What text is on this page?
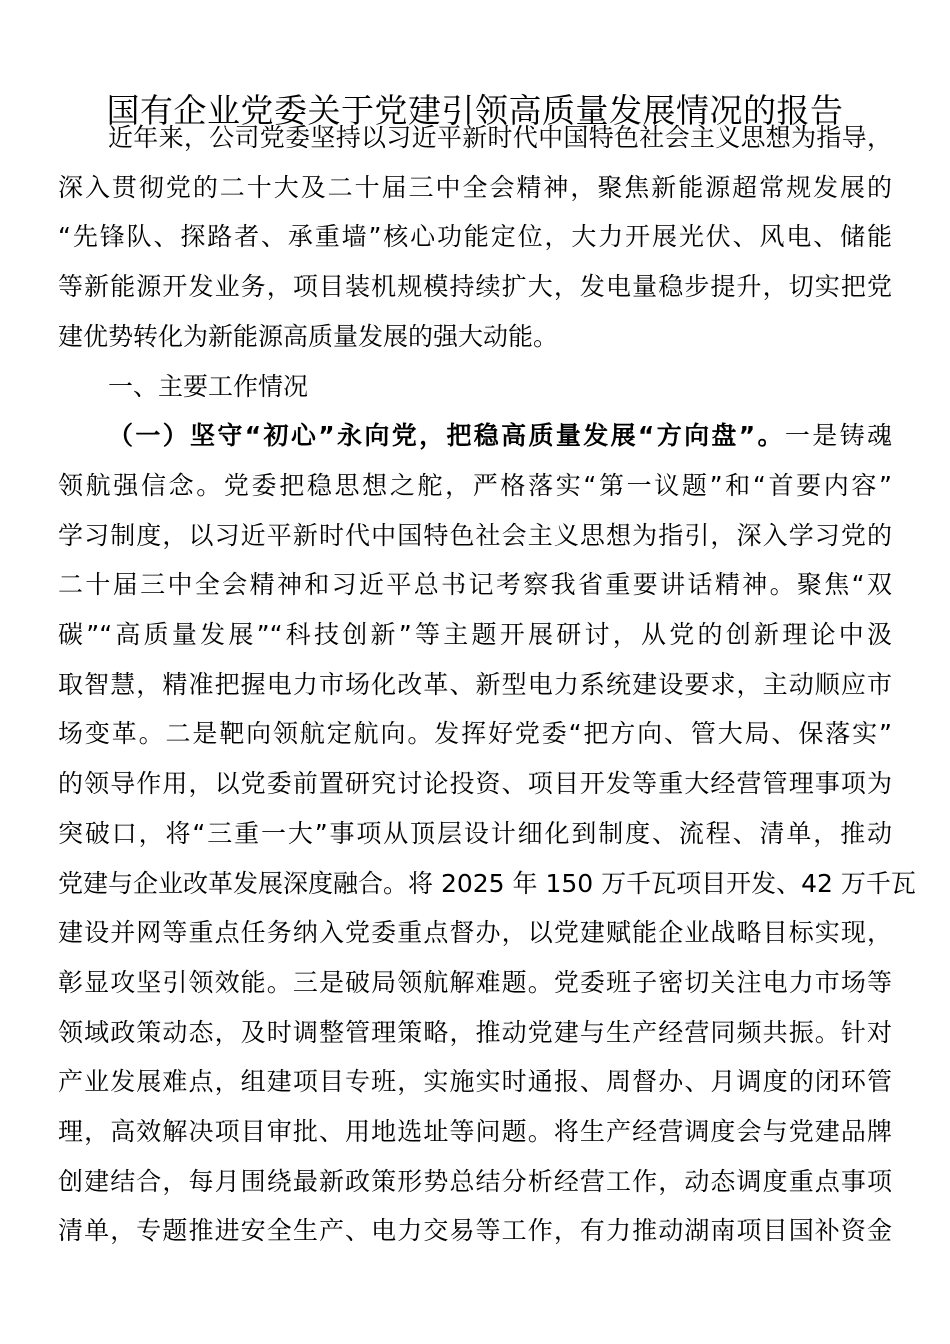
国有企业党委关于党建引领高质量发展情况的报告
近年来，公司党委坚持以习近平新时代中国特色社会主义思想为指导，
深入贯彻党的二十大及二十届三中全会精神，聚焦新能源超常规发展的
“先锋队、探路者、承重墙”核心功能定位，大力开展光伏、风电、储能
等新能源开发业务，项目装机规模持续扩大，发电量稳步提升，切实把党
建优势转化为新能源高质量发展的强大动能。
一、主要工作情况
（一）坚守“初心”永向党，把稳高质量发展“方向盘”。一是铸魂
领航强信念。党委把稳思想之舵，严格落实“第一议题”和“首要内容”
学习制度，以习近平新时代中国特色社会主义思想为指引，深入学习党的
二十届三中全会精神和习近平总书记考察我省重要讲话精神。聚焦“双
碳”“高质量发展”“科技创新”等主题开展研讨，从党的创新理论中汲
取智慧，精准把握电力市场化改革、新型电力系统建设要求，主动顺应市
场变革。二是靶向领航定航向。发挥好党委“把方向、管大局、保落实”
的领导作用，以党委前置研究讨论投资、项目开发等重大经营管理事项为
突破口，将“三重一大”事项从顶层设计细化到制度、流程、清单，推动
党建与企业改革发展深度融合。将 2025 年 150 万千瓦项目开发、42 万千瓦
建设并网等重点任务纳入党委重点督办，以党建赋能企业战略目标实现，
彰显攻坚引领效能。三是破局领航解难题。党委班子密切关注电力市场等
领域政策动态，及时调整管理策略，推动党建与生产经营同频共振。针对
产业发展难点，组建项目专班，实施实时通报、周督办、月调度的闭环管
理，高效解决项目审批、用地选址等问题。将生产经营调度会与党建品牌
创建结合，每月围绕最新政策形势总结分析经营工作，动态调度重点事项
清单，专题推进安全生产、电力交易等工作，有力推动湖南项目国补资金
